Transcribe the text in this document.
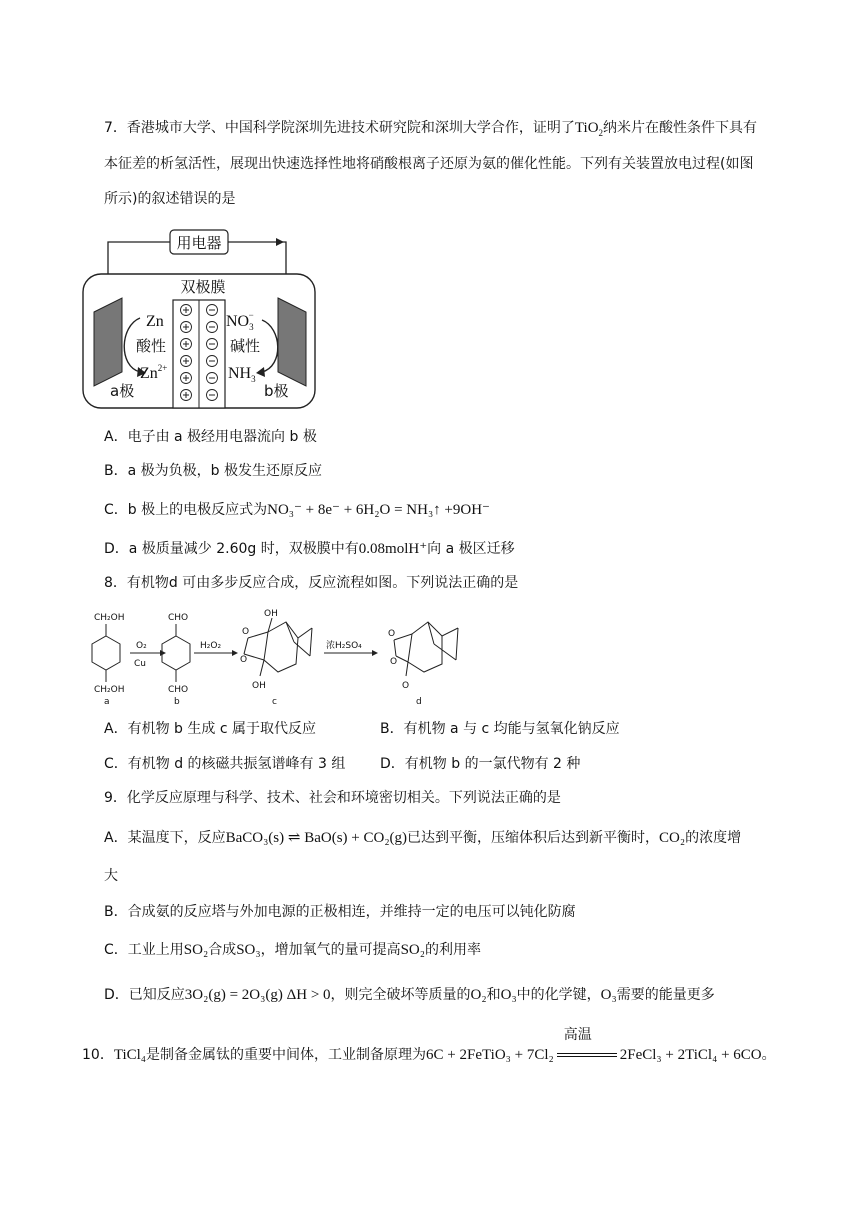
7．香港城市大学、中国科学院深圳先进技术研究院和深圳大学合作，证明了TiO$_2$纳米片在酸性条件下具有
本征差的析氢活性，展现出快速选择性地将硝酸根离子还原为氨的催化性能。下列有关装置放电过程(如图
所示)的叙述错误的是
用电器
双极膜
Zn
酸性
$Zn^{2+}$
a极
$NO_3-$
碱性
$NH_3$
b极
A．电子由 a 极经用电器流向 b 极
B．a 极为负极，b 极发生还原反应
C．b 极上的电极反应式为NO₃⁻ + 8e⁻ + 6H₂O = NH₃↑ +9OH⁻
D．a 极质量减少 2.60g 时，双极膜中有0.08molH⁺向 a 极区迁移
8．有机物d 可由多步反应合成，反应流程如图。下列说法正确的是
CH₂OH
CH₂OH
CHO
CHO
O₂
Cu
H₂O₂	浓H₂SO₄
OH
OH
O
O
O
O
O
a	b	c	d
A．有机物 b 生成 c 属于取代反应	B．有机物 a 与 c 均能与氢氧化钠反应
C．有机物 d 的核磁共振氢谱峰有 3 组 D．有机物 b 的一氯代物有 2 种
9．化学反应原理与科学、技术、社会和环境密切相关。下列说法正确的是
A．某温度下，反应BaCO₃(s) ⇌ BaO(s) + CO₂(g)已达到平衡，压缩体积后达到新平衡时，CO₂的浓度增
大
B．合成氨的反应塔与外加电源的正极相连，并维持一定的电压可以钝化防腐
C．工业上用SO₂合成SO₃，增加氧气的量可提高SO₂的利用率
D．已知反应3O₂(g) = 2O₃(g) ΔH > 0，则完全破坏等质量的O₂和O₃中的化学键，O₃需要的能量更多
10．TiCl₄是制备金属钛的重要中间体，工业制备原理为6C + 2FeTiO₃ + 7Cl₂
高温
2FeCl₃ + 2TiCl₄ + 6CO。
